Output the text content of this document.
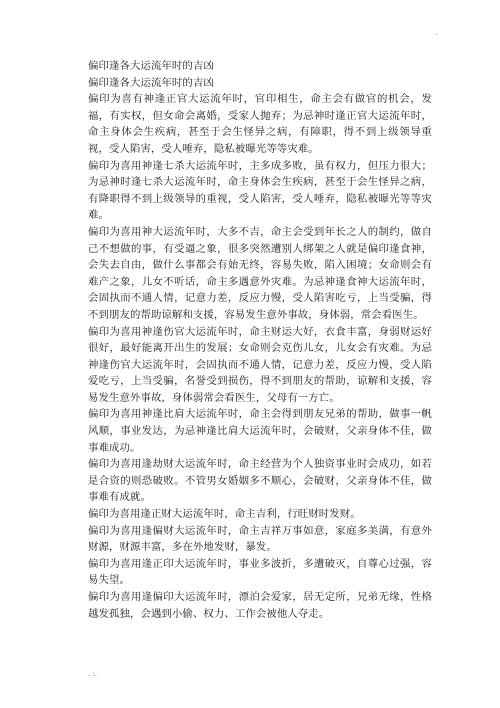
.

偏印逢各大运流年时的吉凶

偏印逢各大运流年时的吉凶

偏印为喜有神逢正官大运流年时，官印相生，命主会有做官的机会，发福，有实权，但女命会离婚，受家人抛弃；为忌神时逢正官大运流年时，命主身体会生疾病，甚至于会生怪异之病，有障职，得不到上级领导重视，受人陷害，受人唾弃，隐私被曝光等等灾难。

偏印为喜用神逢七杀大运流年时，主多成多败，虽有权力，但压力很大；为忌神时逢七杀大运流年时，命主身体会生疾病，甚至于会生怪异之病，有降职得不到上级领导的重视，受人陷害，受人唾弃，隐私被曝光等等灾难。

偏印为喜用神大运流年时，大多不吉，命主会受到年长之人的制约，做自己不想做的事，有受逼之象，很多突然遭别人绑架之人就是偏印逢食神，会失去自由，做什么事都会有始无终，容易失败，陷入困境；女命则会有难产之象，儿女不听话，命主多遇意外灾难。为忌神逢食神大运流年时，会固执而不通人情，记意力差，反应力慢，受人陷害吃亏，上当受骗，得不到朋友的帮助谅解和支援，容易发生意外事故，身体弱，常会看医生。

偏印为喜用神逢伤官大运流年时，命主财运大好，衣食丰富，身弱财运好很好，最好能离开出生的发展；女命则会克伤儿女，儿女会有灾难。为忌神逢伤官大运流年时，会固执而不通人情，记意力差，反应力慢，受人陷爱吃亏，上当受骗，名誉受到损伤，得不到朋友的帮助，谅解和支援，容易发生意外事故，身体弱常会看医生，父母有一方亡。

偏印为喜用神逢比肩大运流年时，命主会得到朋友兄弟的帮助，做事一帆风顺，事业发达，为忌神逢比肩大运流年时，会破财，父亲身体不佳，做事难成功。

偏印为喜用逢劫财大运流年时，命主经营为个人独资事业时会成功，如若是合资的则恐破败。不管男女婚姻多不顺心，会破财，父亲身体不佳，做事难有成就。

偏印为喜用逢正财大运流年时，命主吉利，行旺财时发财。

偏印为喜用逢偏财大运流年时，命主吉祥万事如意，家庭多美满，有意外财源，财源丰富，多在外地发财，暴发。

偏印为喜用逢正印大运流年时，事业多波折，多遭破灭，自尊心过强，容易失望。

偏印为喜用逢偏印大运流年时，漂泊会爱家，居无定所，兄弟无缘，性格越发孤独，会遇到小偷、权力、工作会被他人夺走。

. :.
